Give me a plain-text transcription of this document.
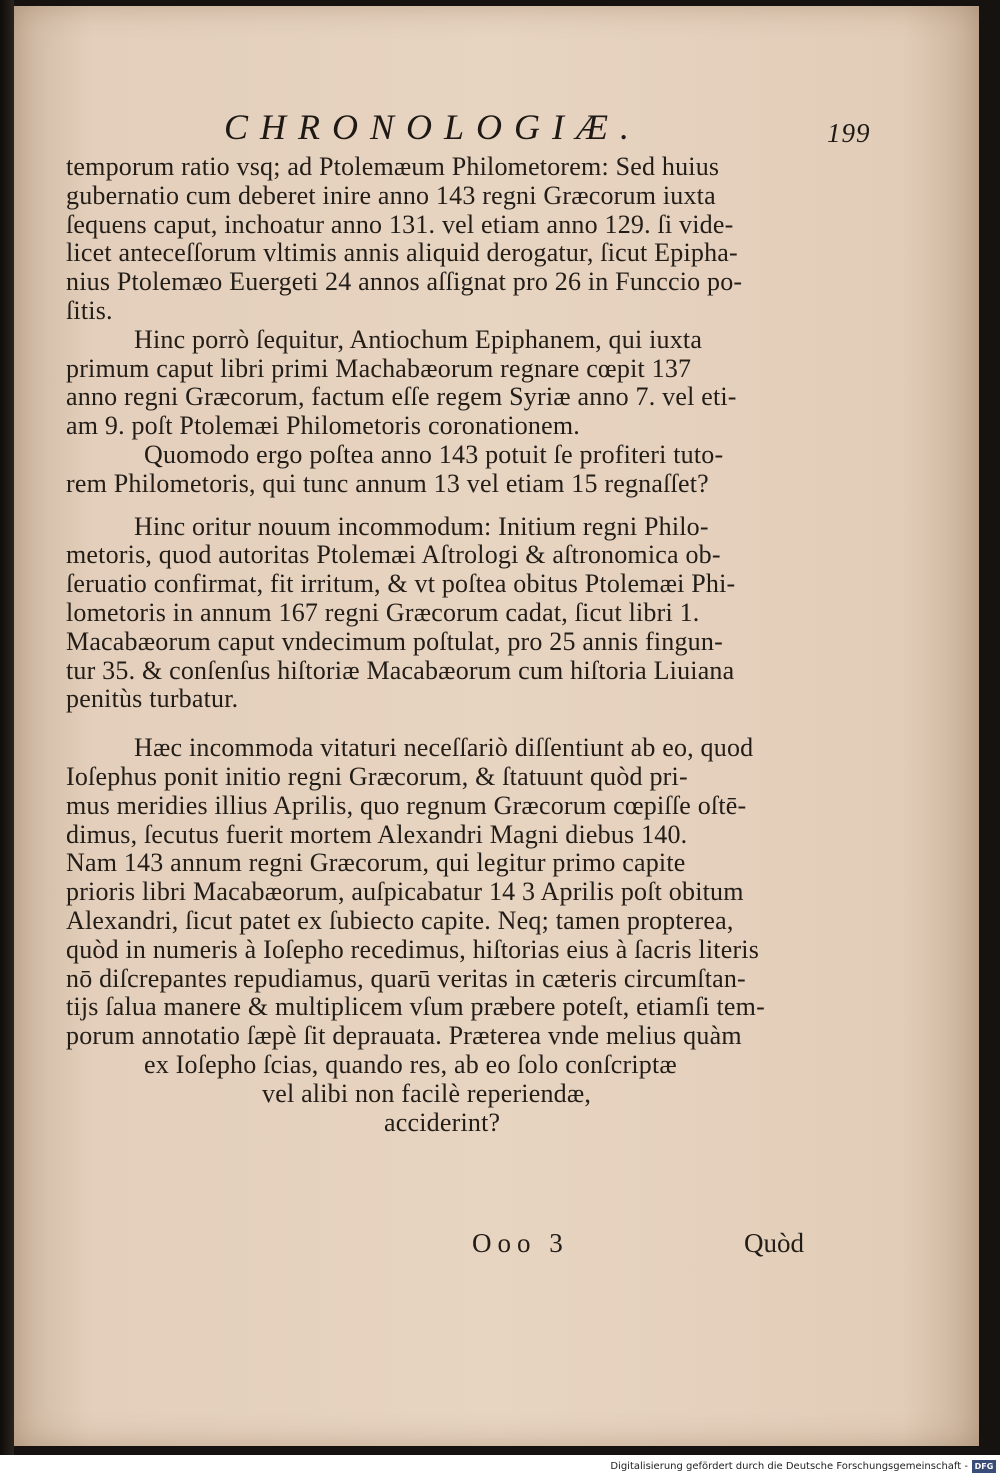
CHRONOLOGIÆ.	199
temporum ratio vsq; ad Ptolemæum Philometorem: Sed huius
gubernatio cum deberet inire anno 143 regni Græcorum iuxta
ſequens caput, inchoatur anno 131. vel etiam anno 129. ſi vide-
licet anteceſſorum vltimis annis aliquid derogatur, ſicut Epipha-
nius Ptolemæo Euergeti 24 annos aſſignat pro 26 in Funccio po-
ſitis.
Hinc porrò ſequitur, Antiochum Epiphanem, qui iuxta
primum caput libri primi Machabæorum regnare cœpit 137
anno regni Græcorum, factum eſſe regem Syriæ anno 7. vel eti-
am 9. poſt Ptolemæi Philometoris coronationem.
Quomodo ergo poſtea anno 143 potuit ſe profiteri tuto-
rem Philometoris, qui tunc annum 13 vel etiam 15 regnaſſet?
Hinc oritur nouum incommodum: Initium regni Philo-
metoris, quod autoritas Ptolemæi Aſtrologi & aſtronomica ob-
ſeruatio confirmat, fit irritum, & vt poſtea obitus Ptolemæi Phi-
lometoris in annum 167 regni Græcorum cadat, ſicut libri 1.
Macabæorum caput vndecimum poſtulat, pro 25 annis fingun-
tur 35. & conſenſus hiſtoriæ Macabæorum cum hiſtoria Liuiana
penitùs turbatur.
Hæc incommoda vitaturi neceſſariò diſſentiunt ab eo, quod
Ioſephus ponit initio regni Græcorum, & ſtatuunt quòd pri-
mus meridies illius Aprilis, quo regnum Græcorum cœpiſſe oſtē-
dimus, ſecutus fuerit mortem Alexandri Magni diebus 140.
Nam 143 annum regni Græcorum, qui legitur primo capite
prioris libri Macabæorum, auſpicabatur 14 3 Aprilis poſt obitum
Alexandri, ſicut patet ex ſubiecto capite. Neq; tamen propterea,
quòd in numeris à Ioſepho recedimus, hiſtorias eius à ſacris literis
nō diſcrepantes repudiamus, quarū veritas in cæteris circumſtan-
tijs ſalua manere & multiplicem vſum præbere poteſt, etiamſi tem-
porum annotatio ſæpè ſit deprauata. Præterea vnde melius quàm
ex Ioſepho ſcias, quando res, ab eo ſolo conſcriptæ
vel alibi non facilè reperiendæ,
acciderint?
Ooo 3	Quòd
Digitalisierung gefördert durch die Deutsche Forschungsgemeinschaft - DFG
